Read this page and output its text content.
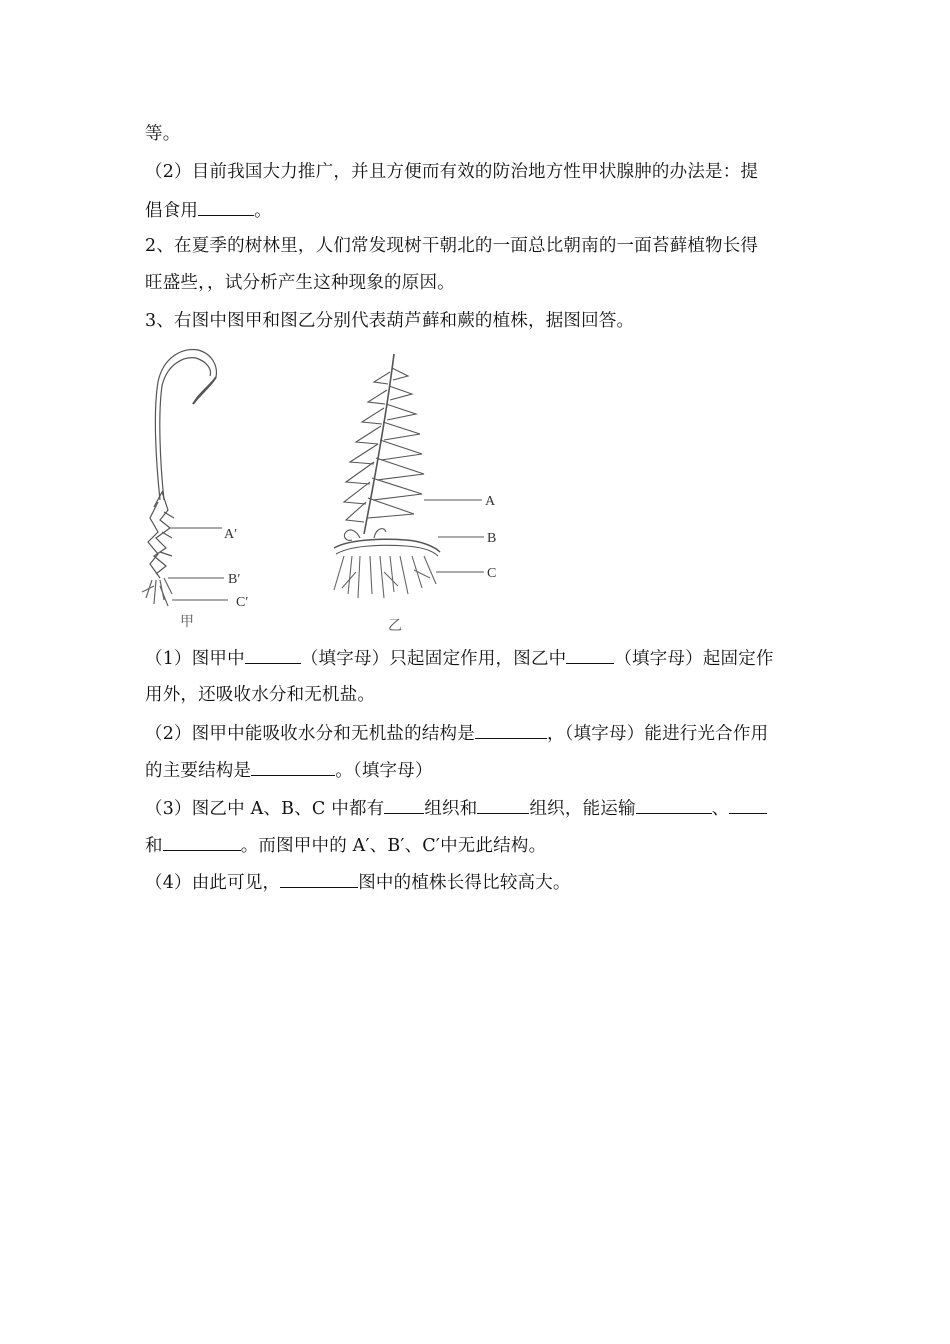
等。
（2）目前我国大力推广，并且方便而有效的防治地方性甲状腺肿的办法是：提
倡食用	。
2、在夏季的树林里，人们常发现树干朝北的一面总比朝南的一面苔藓植物长得
旺盛些，，试分析产生这种现象的原因。
3、右图中图甲和图乙分别代表葫芦藓和蕨的植株，据图回答。
A′
B′
C′
甲
A
B
C
乙
（1）图甲中	（填字母）只起固定作用，图乙中	（填字母）起固定作
用外，还吸收水分和无机盐。
（2）图甲中能吸收水分和无机盐的结构是	，（填字母）能进行光合作用
的主要结构是	。（填字母）
（3）图乙中 A、B、C 中都有 组织和	组织，能运输	、
和	。而图甲中的 A′、B′、C′中无此结构。
（4）由此可见，	图中的植株长得比较高大。
